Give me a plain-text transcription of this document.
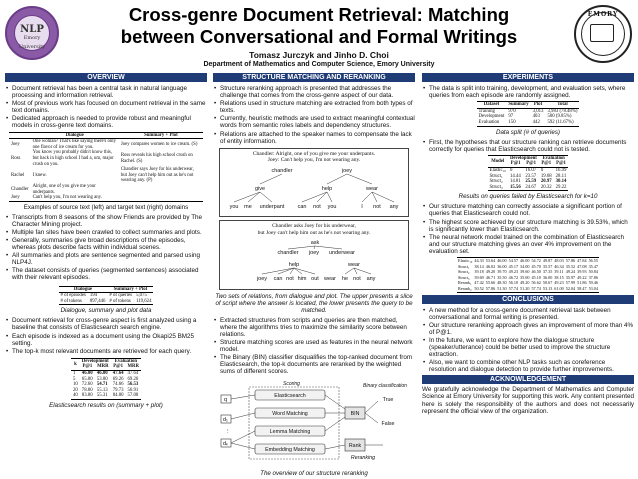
NLP
Emory University
Cross-genre Document Retrieval: Matching
between Conversational and Formal Writings
Tomasz Jurczyk and Jinho D. Choi
Department of Mathematics and Computer Science, Emory University
EMORY
OVERVIEW
• Document retrieval has been a central task in natural language processing and information retrieval.
• Most of previous work has focused on document retrieval in the same text domains.
• Dedicated approach is needed to provide robust and meaningful models in cross-genre text domains.
	Dialogue	Summary + Plot
Joey	One woman? That's like saying there's only one flavor of ice cream for you.	Joey compares women to ice cream. (S)
Ross	You know you probably didn't know this, but back in high school I had a, um, major crush on you.	Ross reveals his high school crush on Rachel. (S)
Rachel	I knew.	Chandler says Joey for his underwear, but Joey can't help him out as he's not wearing any. (P)
Chandler	Alright, one of you give me your underpants.	
Joey	Can't help you, I'm not wearing any.	
Examples of source text (left) and target text (right) domains
• Transcripts from 8 seasons of the show Friends are provided by The Character Mining project.
• Multiple fan sites have been crawled to collect summaries and plots.
• Generally, summaries give broad descriptions of the episodes, whereas plots describe facts within individual scenes.
• All summaries and plots are sentence segmented and parsed using NLP4J.
• The dataset consists of queries (segmented sentences) associated with their relevant episodes.
Dialogue		Summary + Plot	
# of episodes	194	# of queries	5,075
# of tokens	897,446	# of tokens	119,624
Dialogue, summary and plot data
• Document retrieval for cross-genre aspect is first analyzed using a baseline that consists of Elasticsearch search engine.
• Each episode is indexed as a document using the Okapi25 BM25 setting.
• The top-k most relevant documents are retrieved for each query.
k	Development		Evaluation	
	P@1	MRR	P@1	MRR
1	46.00	46.00	47.64	47.64
5	65.80	53.80	69.26	69.26
10	72.60	54.71	74.66	56.53
20	78.80	55.13	79.73	56.91
40	83.80	55.31	84.80	57.08
Elasticsearch results on (summary + plot)
STRUCTURE MATCHING AND RERANKING
• Structure reranking approach is presented that addresses the challenge that comes from the cross-genre aspect of our data.
• Relations used in structure matching are extracted from both types of texts.
• Currently, heuristic methods are used to extract meaningful contextual words from semantic roles labels and dependency structures.
• Relations are attached to the speaker names to compensate the lack of entity information.
Chandler: Alright, one of you give me your underpants.
Joey: Can't help you, I'm not wearing any.
chandler	joey
give	help	wear
you me underpant can not you	I not any
Chandler asks Joey for his underwear,
but Joey can't help him out as he's not wearing any.
ask
chandler joey underwear
help	wear
joey can not him out wear he not any
Two sets of relations, from dialogue and plot. The upper presents a slice of script where the answer is located, the lower presents the query to be matched.
• Extracted structures from scripts and queries are then matched, where the algorithms tries to maximize the similarity score between relations.
• Structure matching scores are used as features in the neural network model.
• The Binary (BIN) classifier disqualifies the top-ranked document from Elasticsearch, the top-k documents are reranked by the weighted sums of different scores.
Scoring	Binary classification
q
d₁
⋮
dₖ
Elasticsearch
Word Matching
Lemma Matching
Embedding Matching
BIN
Rank
True
False
Reranking
The overview of our structure reranking
EXPERIMENTS
• The data is split into training, development, and evaluation sets, where queries from each episode are randomly assigned.
Dataset	Summary	Plot	Total
Training	970	3,013	3,983 (78.48%)
Development	97	403	500 (9.85%)
Evaluation	150	442	592 (11.67%)
Data split (# of queries)
• First, the hypotheses that our structure ranking can retrieve documents correctly for queries that Elasticsearch could not is tested.
Model	Development		Evaluation	
	P@1	P@1	P@1	P@1
Elastic₁₀	0	16.07	0	16.99
Struct₁	14.44	23.57	19.68	28.11
Struct₂	14.81	25.59	20.97	30.14
Struct₃	15.56	24.67	20.32	29.22
Results on queries failed by Elasticsearch for k=10
• Our structure matching can correctly associate a significant portion of queries that Elasticsearch could not.
• The highest score achieved by our structure matching is 39.53%, which is significantly lower than Elasticsearch.
• The neural network model trained on the combination of Elasticsearch and our structure matching gives an over 4% improvement on the evaluation set.
Elastic₁₀	44.33	53.64	46.00	54.57	46.00	54.72	49.87	48.03	57.86	47.84	56.55
Struct₁	38.14	46.02	36.00	45.17	34.00	45.70	35.57	46.34	35.52	47.08	35.47
Struct₂	39.18	49.20	39.70	49.23	39.60	46.50	37.35	39.11	49.24	39.93	50.84
Struct₃	39.69	46.71	35.50	46.72	35.00	45.10	36.00	38.15	35.97	49.22	37.86
Rerank₁	47.42	55.66	48.30	56.10	49.20	56.62	50.67	49.23	57.99	51.86	59.46
Rerank₂	50.52	57.86	51.30	57.74	51.20	57.74	53.13	61.00	52.04	58.47	53.04
CONCLUSIONS
• A new method for a cross-genre document retrieval task between conversational and formal writing is presented.
• Our structure reranking approach gives an improvement of more than 4% of P@1.
• In the future, we want to explore how the dialogue structure (speaker/utterance) could be better used to improve the structure extraction.
• Also, we want to combine other NLP tasks such as coreference resolution and dialogue detection to provide further improvements.
ACKNOWLEDGEMENT
We gratefully acknowledge the Department of Mathematics and Computer Science at Emory University for supporting this work. Any content presented here is solely the responsibility of the authors and does not necessarily represent the official view of the organization.
